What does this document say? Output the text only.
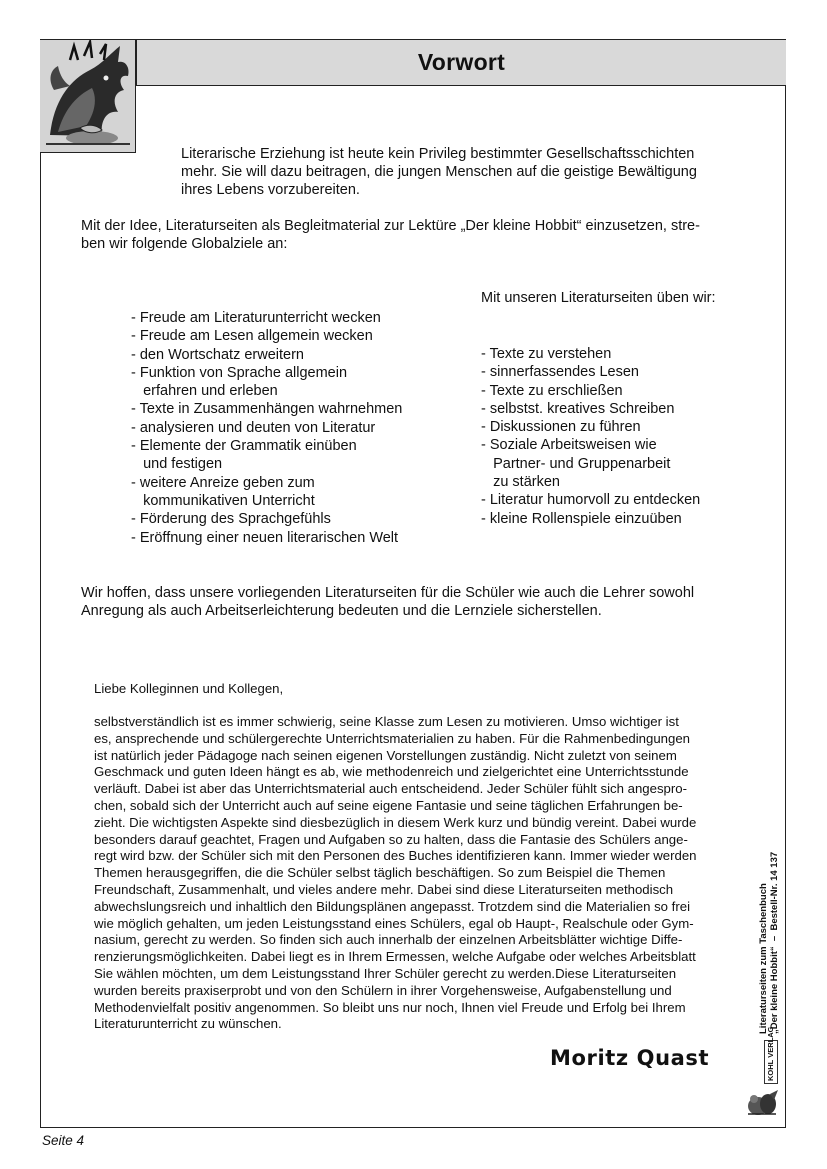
Vorwort
Literarische Erziehung ist heute kein Privileg bestimmter Gesellschaftsschichten
mehr. Sie will dazu beitragen, die jungen Menschen auf die geistige Bewältigung
ihres Lebens vorzubereiten.
Mit der Idee, Literaturseiten als Begleitmaterial zur Lektüre „Der kleine Hobbit“ einzusetzen, stre-
ben wir folgende Globalziele an:
Mit unseren Literaturseiten üben wir:
- Freude am Literaturunterricht wecken
- Freude am Lesen allgemein wecken
- den Wortschatz erweitern
- Funktion von Sprache allgemein
erfahren und erleben
- Texte in Zusammenhängen wahrnehmen
- analysieren und deuten von Literatur
- Elemente der Grammatik einüben
und festigen
- weitere Anreize geben zum
kommunikativen Unterricht
- Förderung des Sprachgefühls
- Eröffnung einer neuen literarischen Welt
- Texte zu verstehen
- sinnerfassendes Lesen
- Texte zu erschließen
- selbstst. kreatives Schreiben
- Diskussionen zu führen
- Soziale Arbeitsweisen wie
Partner- und Gruppenarbeit
zu stärken
- Literatur humorvoll zu entdecken
- kleine Rollenspiele einzuüben
Wir hoffen, dass unsere vorliegenden Literaturseiten für die Schüler wie auch die Lehrer sowohl
Anregung als auch Arbeitserleichterung bedeuten und die Lernziele sicherstellen.
Liebe Kolleginnen und Kollegen,

selbstverständlich ist es immer schwierig, seine Klasse zum Lesen zu motivieren. Umso wichtiger ist

es, ansprechende und schülergerechte Unterrichtsmaterialien zu haben. Für die Rahmenbedingungen

ist natürlich jeder Pädagoge nach seinen eigenen Vorstellungen zuständig. Nicht zuletzt von seinem

Geschmack und guten Ideen hängt es ab, wie methodenreich und zielgerichtet eine Unterrichtsstunde

verläuft. Dabei ist aber das Unterrichtsmaterial auch entscheidend. Jeder Schüler fühlt sich angespro-

chen, sobald sich der Unterricht auch auf seine eigene Fantasie und seine täglichen Erfahrungen be-

zieht. Die wichtigsten Aspekte sind diesbezüglich in diesem Werk kurz und bündig vereint. Dabei wurde

besonders darauf geachtet, Fragen und Aufgaben so zu halten, dass die Fantasie des Schülers ange-

regt wird bzw. der Schüler sich mit den Personen des Buches identifizieren kann. Immer wieder werden

Themen herausgegriffen, die die Schüler selbst täglich beschäftigen. So zum Beispiel die Themen

Freundschaft, Zusammenhalt, und vieles andere mehr. Dabei sind diese Literaturseiten methodisch

abwechslungsreich und inhaltlich den Bildungsplänen angepasst. Trotzdem sind die Materialien so frei

wie möglich gehalten, um jeden Leistungsstand eines Schülers, egal ob Haupt-, Realschule oder Gym-

nasium, gerecht zu werden. So finden sich auch innerhalb der einzelnen Arbeitsblätter wichtige Diffe-

renzierungsmöglichkeiten. Dabei liegt es in Ihrem Ermessen, welche Aufgabe oder welches Arbeitsblatt

Sie wählen möchten, um dem Leistungsstand Ihrer Schüler gerecht zu werden.Diese Literaturseiten

wurden bereits praxiserprobt und von den Schülern in ihrer Vorgehensweise, Aufgabenstellung und

Methodenvielfalt positiv angenommen. So bleibt uns nur noch, Ihnen viel Freude und Erfolg bei Ihrem

Literaturunterricht zu wünschen.

Moritz Quast
Literaturseiten zum Taschenbuch „Der kleine Hobbit“  –  Bestell-Nr. 14 137
KOHL VERLAG
Seite 4
